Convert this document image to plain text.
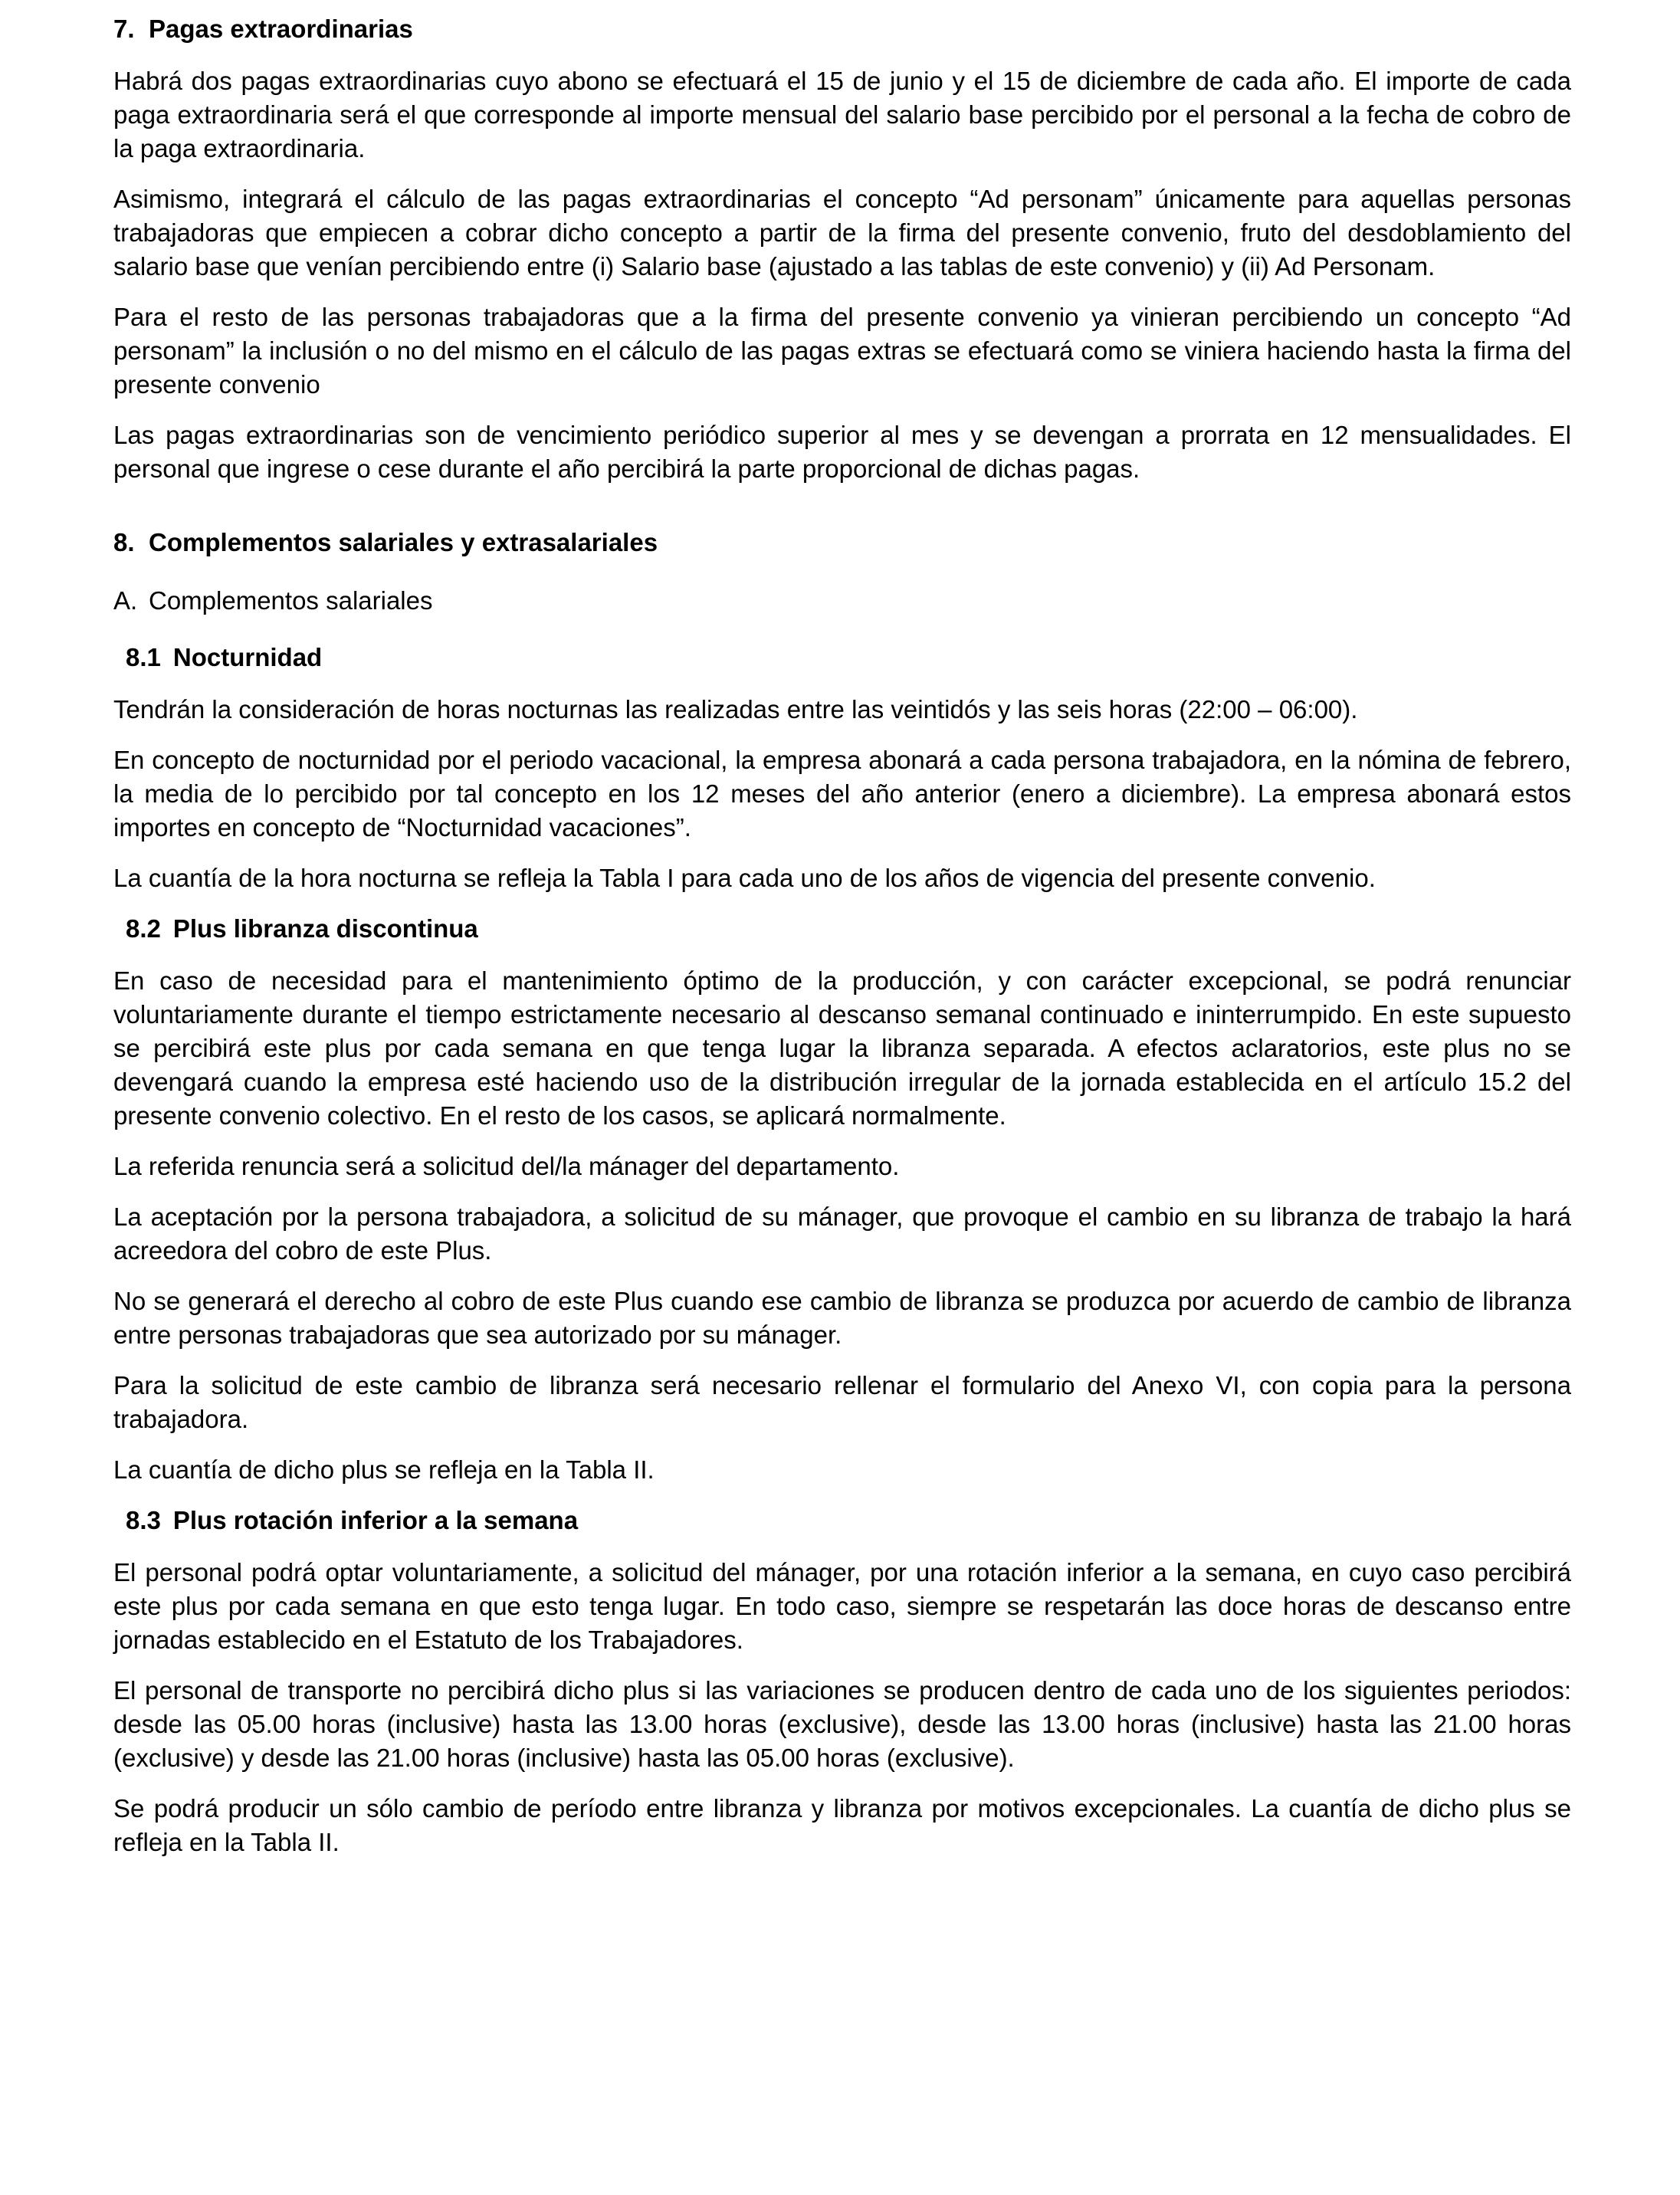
7. Pagas extraordinarias

Habrá dos pagas extraordinarias cuyo abono se efectuará el 15 de junio y el 15 de diciembre de cada año. El importe de cada paga extraordinaria será el que corresponde al importe mensual del salario base percibido por el personal a la fecha de cobro de la paga extraordinaria.

Asimismo, integrará el cálculo de las pagas extraordinarias el concepto “Ad personam” únicamente para aquellas personas trabajadoras que empiecen a cobrar dicho concepto a partir de la firma del presente convenio, fruto del desdoblamiento del salario base que venían percibiendo entre (i) Salario base (ajustado a las tablas de este convenio) y (ii) Ad Personam.

Para el resto de las personas trabajadoras que a la firma del presente convenio ya vinieran percibiendo un concepto “Ad personam” la inclusión o no del mismo en el cálculo de las pagas extras se efectuará como se viniera haciendo hasta la firma del presente convenio

Las pagas extraordinarias son de vencimiento periódico superior al mes y se devengan a prorrata en 12 mensualidades. El personal que ingrese o cese durante el año percibirá la parte proporcional de dichas pagas.

8. Complementos salariales y extrasalariales
A. Complementos salariales
8.1 Nocturnidad

Tendrán la consideración de horas nocturnas las realizadas entre las veintidós y las seis horas (22:00 – 06:00).

En concepto de nocturnidad por el periodo vacacional, la empresa abonará a cada persona trabajadora, en la nómina de febrero, la media de lo percibido por tal concepto en los 12 meses del año anterior (enero a diciembre). La empresa abonará estos importes en concepto de “Nocturnidad vacaciones”.

La cuantía de la hora nocturna se refleja la Tabla I para cada uno de los años de vigencia del presente convenio.

8.2 Plus libranza discontinua

En caso de necesidad para el mantenimiento óptimo de la producción, y con carácter excepcional, se podrá renunciar voluntariamente durante el tiempo estrictamente necesario al descanso semanal continuado e ininterrumpido. En este supuesto se percibirá este plus por cada semana en que tenga lugar la libranza separada. A efectos aclaratorios, este plus no se devengará cuando la empresa esté haciendo uso de la distribución irregular de la jornada establecida en el artículo 15.2 del presente convenio colectivo. En el resto de los casos, se aplicará normalmente.

La referida renuncia será a solicitud del/la mánager del departamento.

La aceptación por la persona trabajadora, a solicitud de su mánager, que provoque el cambio en su libranza de trabajo la hará acreedora del cobro de este Plus.

No se generará el derecho al cobro de este Plus cuando ese cambio de libranza se produzca por acuerdo de cambio de libranza entre personas trabajadoras que sea autorizado por su mánager.

Para la solicitud de este cambio de libranza será necesario rellenar el formulario del Anexo VI, con copia para la persona trabajadora.

La cuantía de dicho plus se refleja en la Tabla II.

8.3 Plus rotación inferior a la semana

El personal podrá optar voluntariamente, a solicitud del mánager, por una rotación inferior a la semana, en cuyo caso percibirá este plus por cada semana en que esto tenga lugar. En todo caso, siempre se respetarán las doce horas de descanso entre jornadas establecido en el Estatuto de los Trabajadores.

El personal de transporte no percibirá dicho plus si las variaciones se producen dentro de cada uno de los siguientes periodos: desde las 05.00 horas (inclusive) hasta las 13.00 horas (exclusive), desde las 13.00 horas (inclusive) hasta las 21.00 horas (exclusive) y desde las 21.00 horas (inclusive) hasta las 05.00 horas (exclusive).

Se podrá producir un sólo cambio de período entre libranza y libranza por motivos excepcionales. La cuantía de dicho plus se refleja en la Tabla II.
